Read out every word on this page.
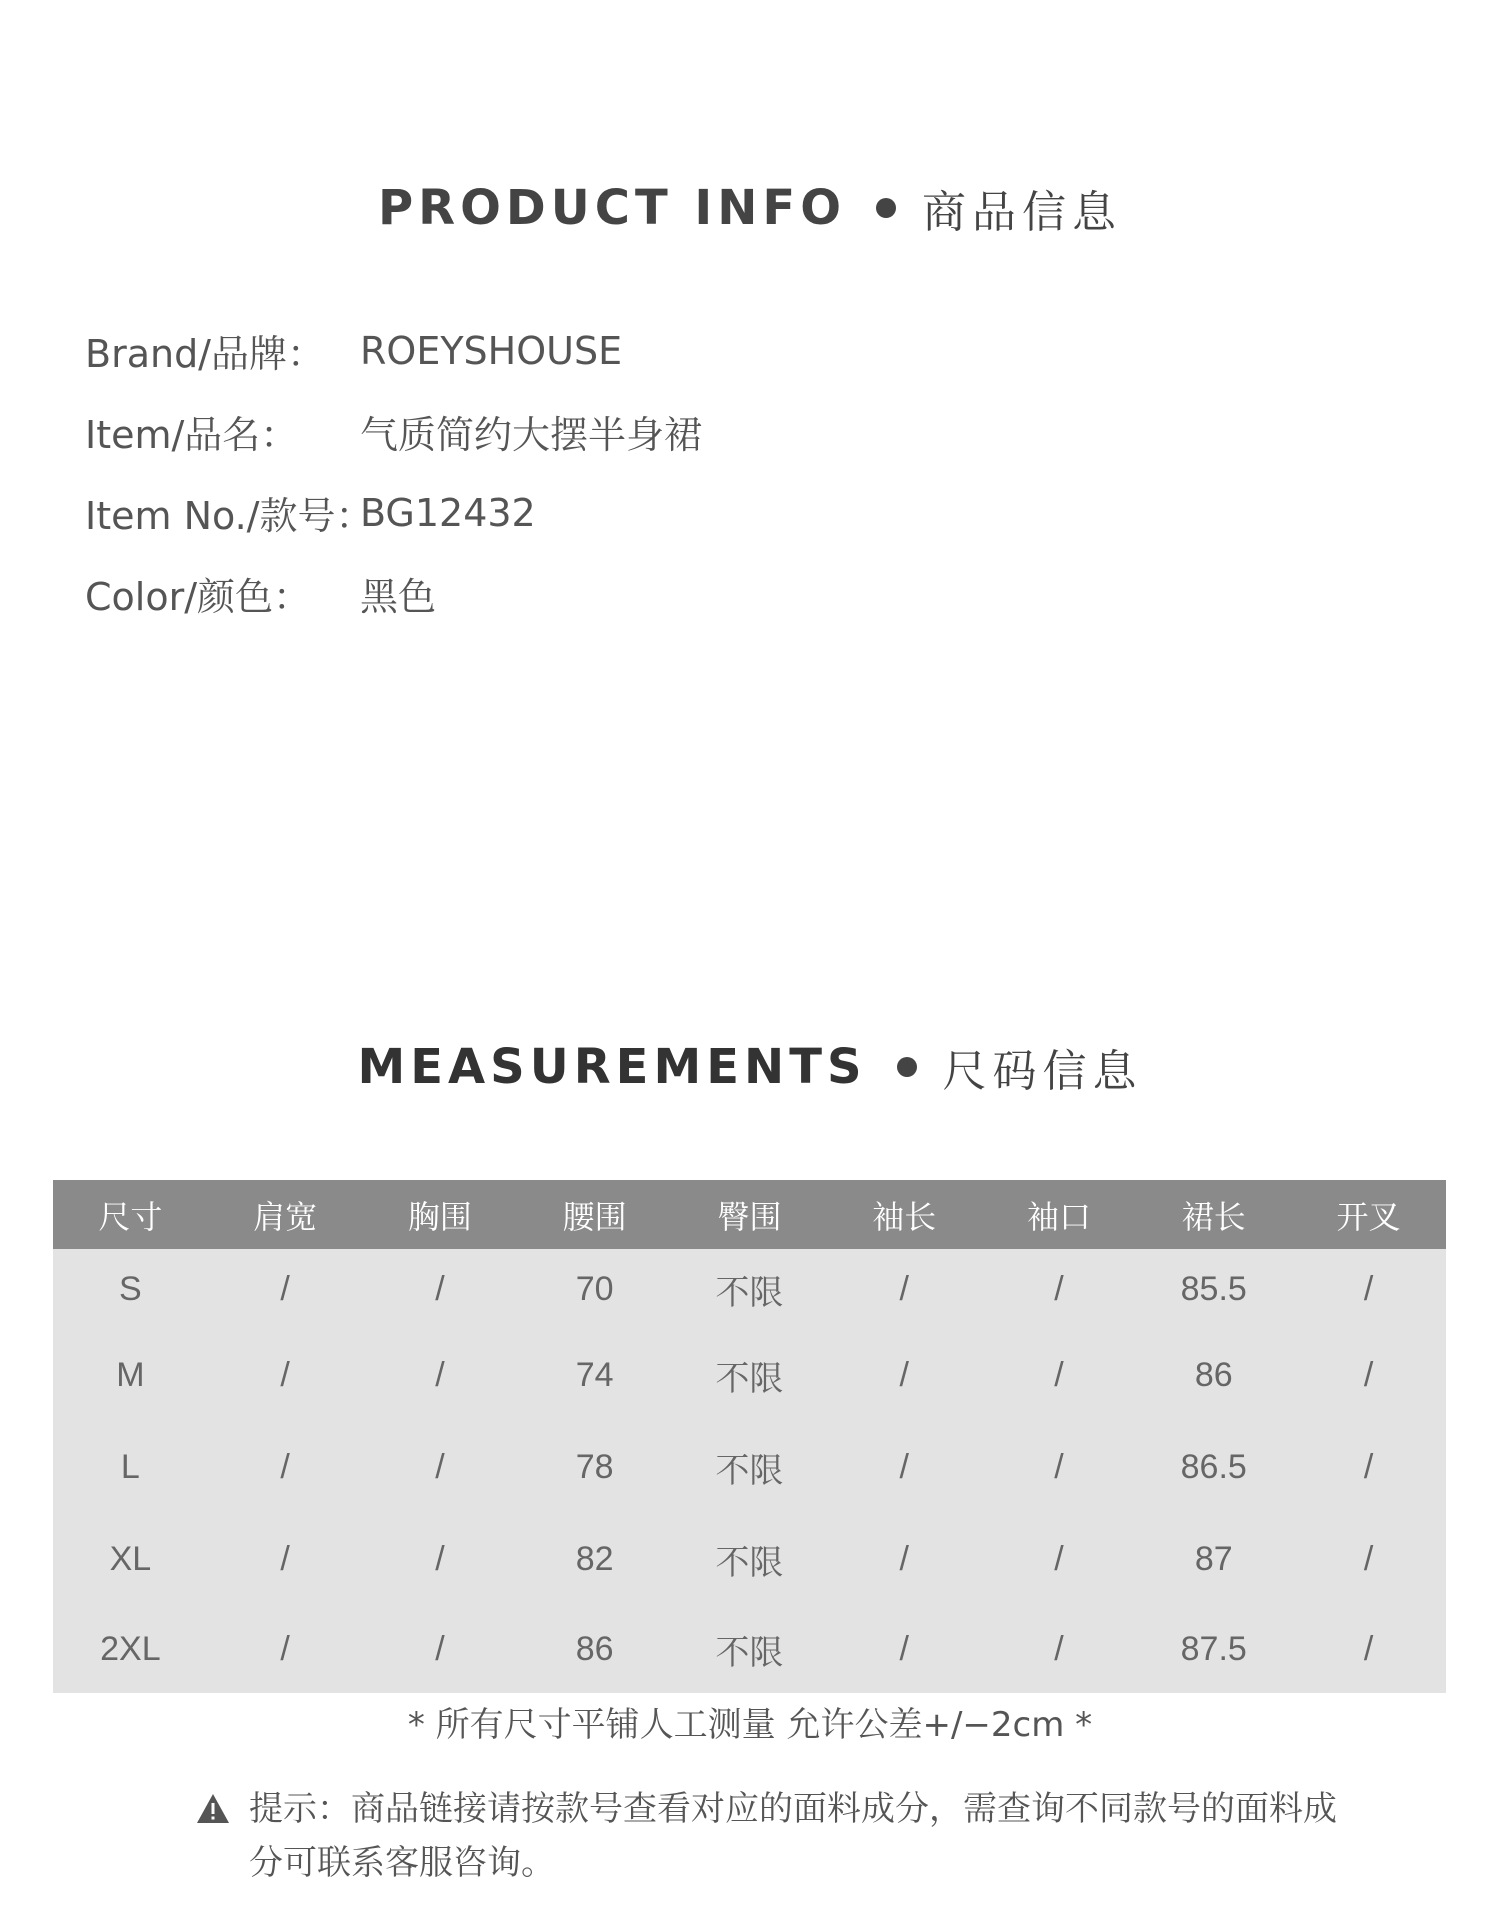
PRODUCT INFO 商品信息
Brand/品牌： ROEYSHOUSE
Item/品名：	气质简约大摆半身裙
Item No./款号：
BG12432
Color/颜色：	黑色
MEASUREMENTS 尺码信息
尺寸	肩宽	胸围	腰围	臀围	袖长	袖口	裙长	开叉
S	/	/	70	不限	/	/	85.5	/
M	/	/	74	不限	/	/	86	/
L	/	/	78	不限	/	/	86.5	/
XL	/	/	82	不限	/	/	87	/
2XL	/	/	86	不限	/	/	87.5	/
* 所有尺寸平铺人工测量 允许公差+/−2cm *
提示：商品链接请按款号查看对应的面料成分，需查询不同款号的面料成分可联系客服咨询。
